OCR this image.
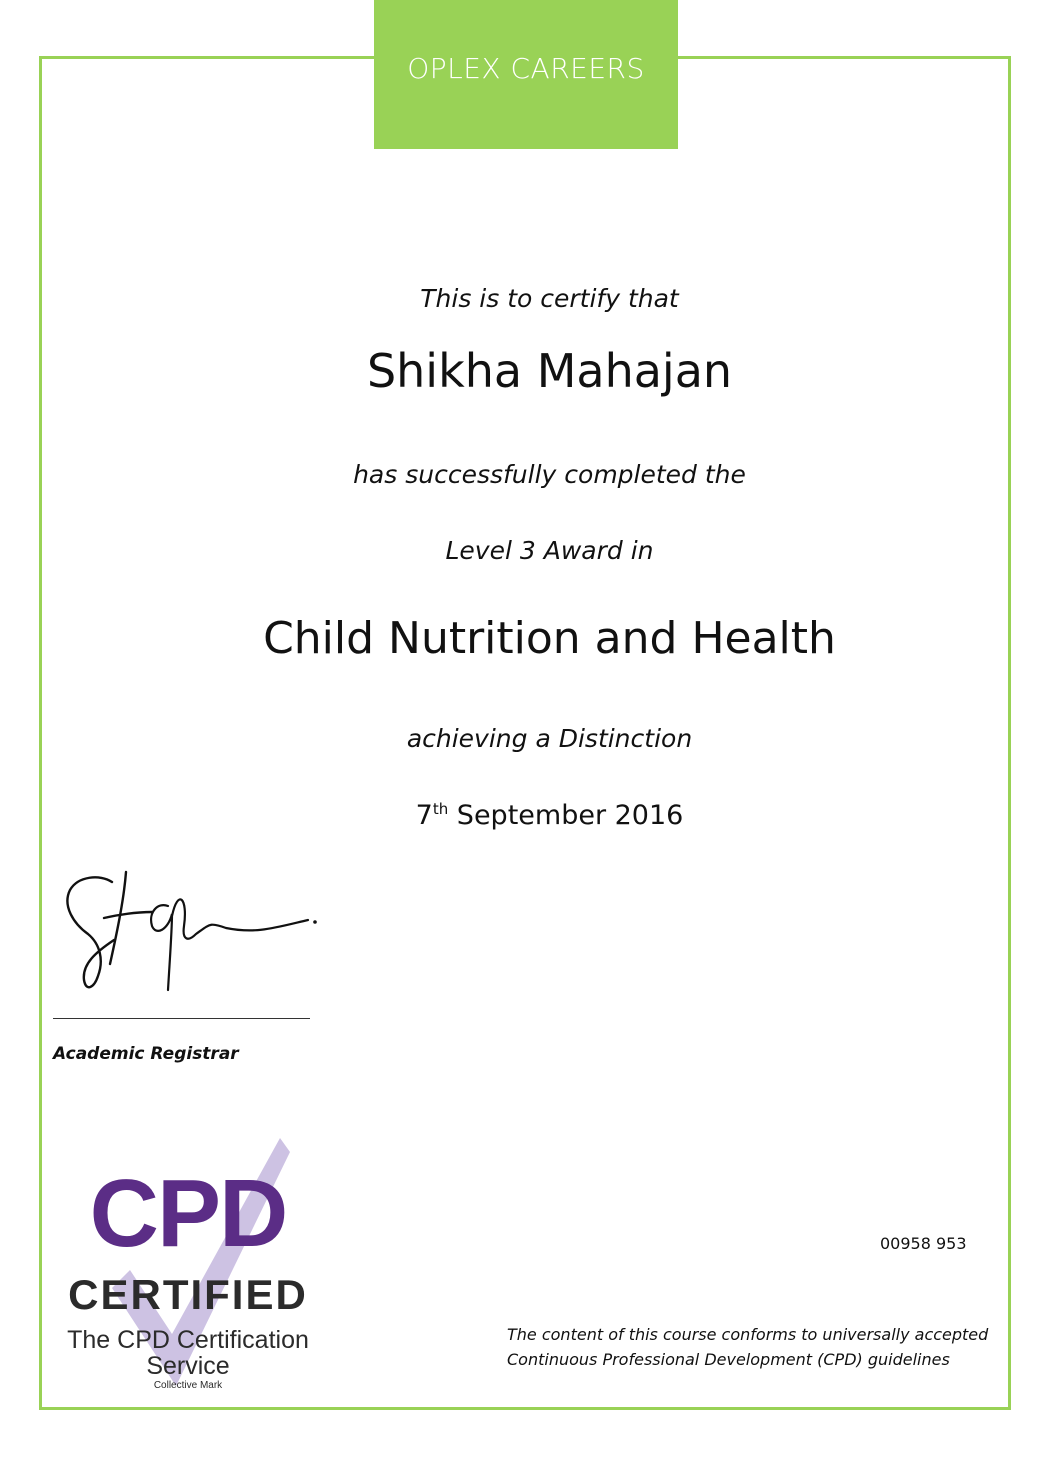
OPLEX CAREERS
This is to certify that
Shikha Mahajan
has successfully completed the
Level 3 Award in
Child Nutrition and Health
achieving a Distinction
7th September 2016
Academic Registrar
CPD
CERTIFIED
The CPD Certification
Service
Collective Mark
00958 953
The content of this course conforms to universally accepted
Continuous Professional Development (CPD) guidelines
